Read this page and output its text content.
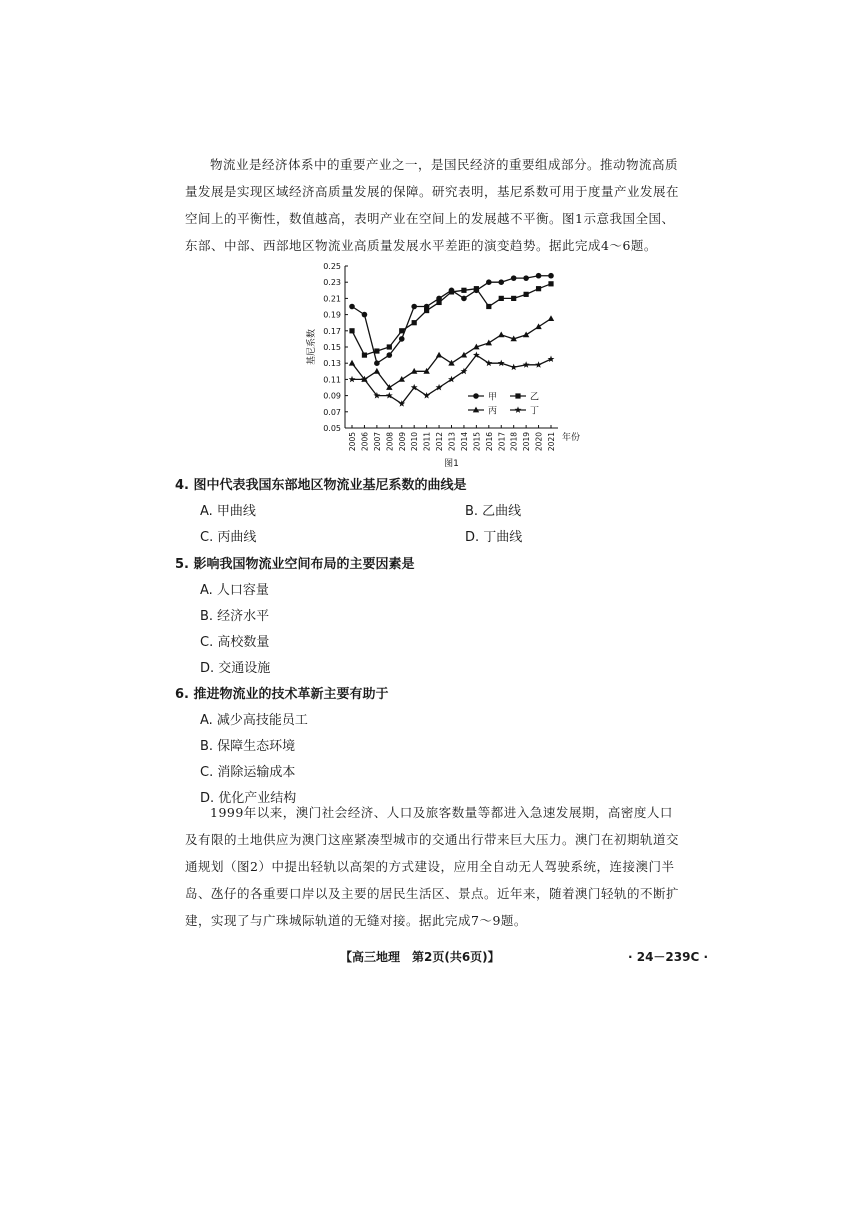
物流业是经济体系中的重要产业之一，是国民经济的重要组成部分。推动物流高质量发展是实现区域经济高质量发展的保障。研究表明，基尼系数可用于度量产业发展在空间上的平衡性，数值越高，表明产业在空间上的发展越不平衡。图1示意我国全国、东部、中部、西部地区物流业高质量发展水平差距的演变趋势。据此完成4～6题。

0.25
0.23
0.21
0.19
0.17
0.15
0.13
0.11
0.09
0.07
0.05
基尼系数
2005 2006 2007 2008 2009 2010 2011 2012 2013 2014 2015 2016 2017 2018 2019 2020 2021 年份
甲	乙
丙	丁
图1

4. 图中代表我国东部地区物流业基尼系数的曲线是

A. 甲曲线	B. 乙曲线

C. 丙曲线	D. 丁曲线

5. 影响我国物流业空间布局的主要因素是

A. 人口容量

B. 经济水平

C. 高校数量

D. 交通设施

6. 推进物流业的技术革新主要有助于

A. 减少高技能员工

B. 保障生态环境

C. 消除运输成本

D. 优化产业结构

1999年以来，澳门社会经济、人口及旅客数量等都进入急速发展期，高密度人口及有限的土地供应为澳门这座紧凑型城市的交通出行带来巨大压力。澳门在初期轨道交通规划（图2）中提出轻轨以高架的方式建设，应用全自动无人驾驶系统，连接澳门半岛、氹仔的各重要口岸以及主要的居民生活区、景点。近年来，随着澳门轻轨的不断扩建，实现了与广珠城际轨道的无缝对接。据此完成7～9题。

【高三地理　第2页(共6页)】	· 24－239C ·
